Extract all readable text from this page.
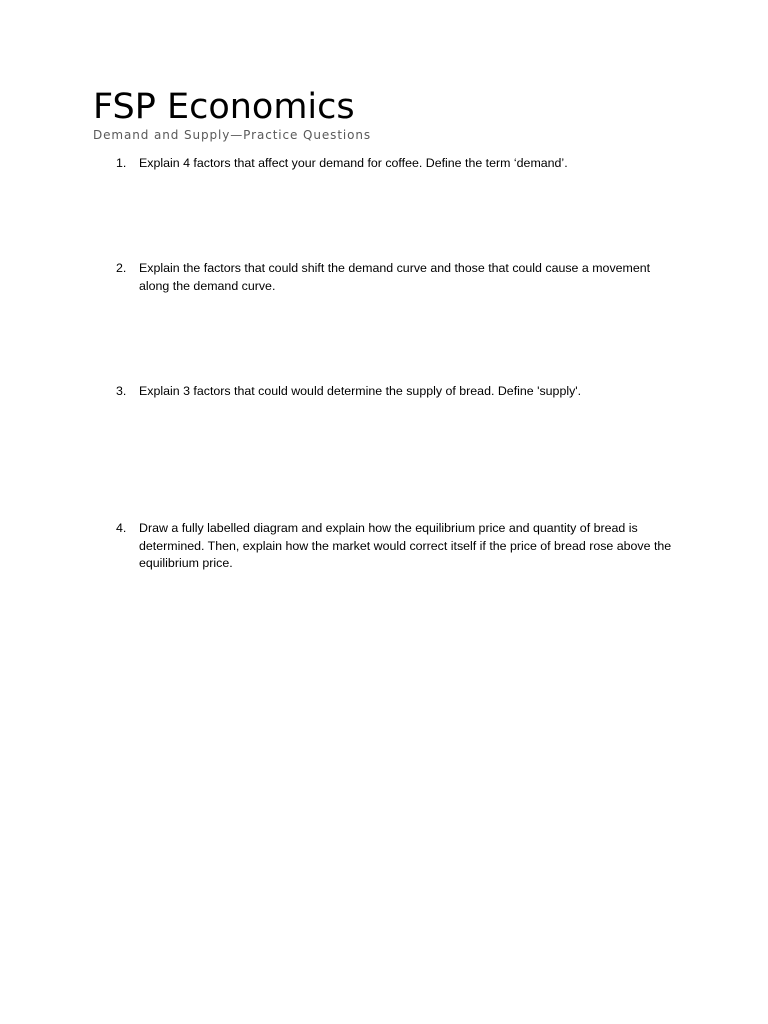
FSP Economics
Demand and Supply—Practice Questions
1.	Explain 4 factors that affect your demand for coffee. Define the term ‘demand’.
2.	Explain the factors that could shift the demand curve and those that could cause a movement along the demand curve.
3.	Explain 3 factors that could would determine the supply of bread. Define 'supply'.
4.	Draw a fully labelled diagram and explain how the equilibrium price and quantity of bread is determined. Then, explain how the market would correct itself if the price of bread rose above the equilibrium price.
